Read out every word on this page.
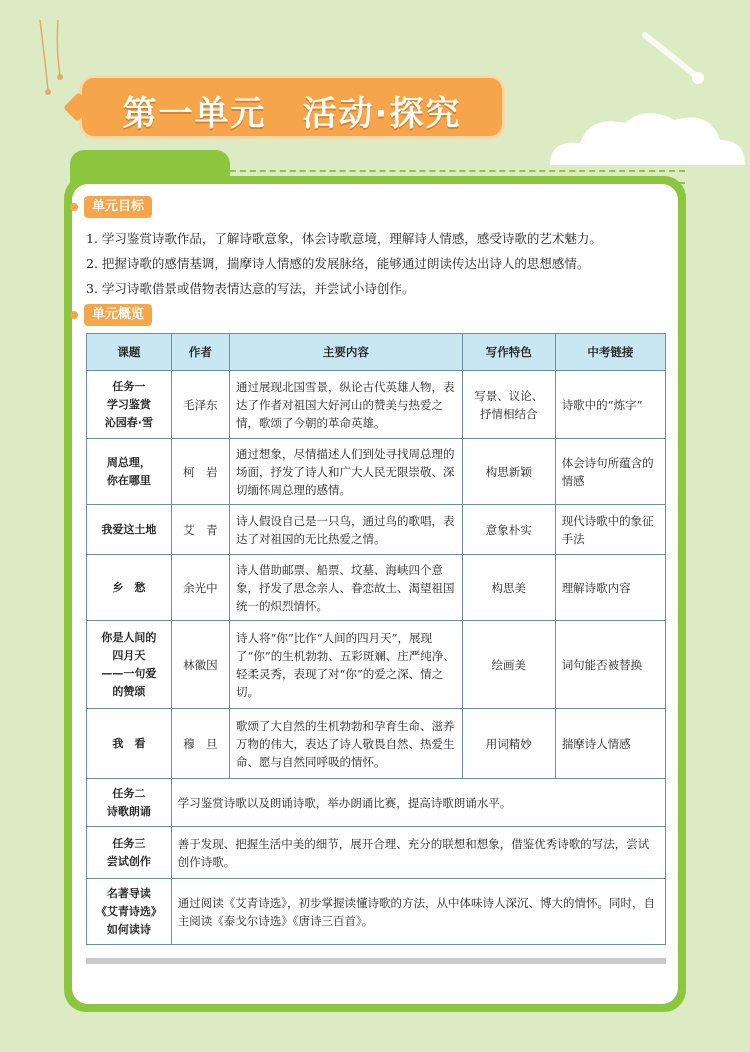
第一单元　活动·探究
单元目标
1. 学习鉴赏诗歌作品，了解诗歌意象，体会诗歌意境，理解诗人情感，感受诗歌的艺术魅力。
2. 把握诗歌的感情基调，揣摩诗人情感的发展脉络，能够通过朗读传达出诗人的思想感情。
3. 学习诗歌借景或借物表情达意的写法，并尝试小诗创作。
单元概览
课题	作者	主要内容	写作特色	中考链接
任务一
学习鉴赏
沁园春·雪	毛泽东	通过展现北国雪景，纵论古代英雄人物，表达了作者对祖国大好河山的赞美与热爱之情，歌颂了今朝的革命英雄。	写景、议论、抒情相结合	诗歌中的“炼字”
周总理，
你在哪里	柯　岩	通过想象，尽情描述人们到处寻找周总理的场面，抒发了诗人和广大人民无限崇敬、深切缅怀周总理的感情。	构思新颖	体会诗句所蕴含的情感
我爱这土地	艾　青	诗人假设自己是一只鸟，通过鸟的歌唱，表达了对祖国的无比热爱之情。	意象朴实	现代诗歌中的象征手法
乡　愁	余光中	诗人借助邮票、船票、坟墓、海峡四个意象，抒发了思念亲人、眷恋故土、渴望祖国统一的炽烈情怀。	构思美	理解诗歌内容
你是人间的
四月天
——一句爱
的赞颂	林徽因	诗人将“你”比作“人间的四月天”，展现了“你”的生机勃勃、五彩斑斓、庄严纯净、轻柔灵秀，表现了对“你”的爱之深、情之切。	绘画美	词句能否被替换
我　看	穆　旦	歌颂了大自然的生机勃勃和孕育生命、滋养万物的伟大，表达了诗人敬畏自然、热爱生命、愿与自然同呼吸的情怀。	用词精妙	揣摩诗人情感
任务二
诗歌朗诵	学习鉴赏诗歌以及朗诵诗歌，举办朗诵比赛，提高诗歌朗诵水平。			
任务三
尝试创作	善于发现、把握生活中美的细节，展开合理、充分的联想和想象，借鉴优秀诗歌的写法，尝试创作诗歌。			
名著导读
《艾青诗选》
如何读诗	通过阅读《艾青诗选》，初步掌握读懂诗歌的方法，从中体味诗人深沉、博大的情怀。同时，自主阅读《泰戈尔诗选》《唐诗三百首》。			
